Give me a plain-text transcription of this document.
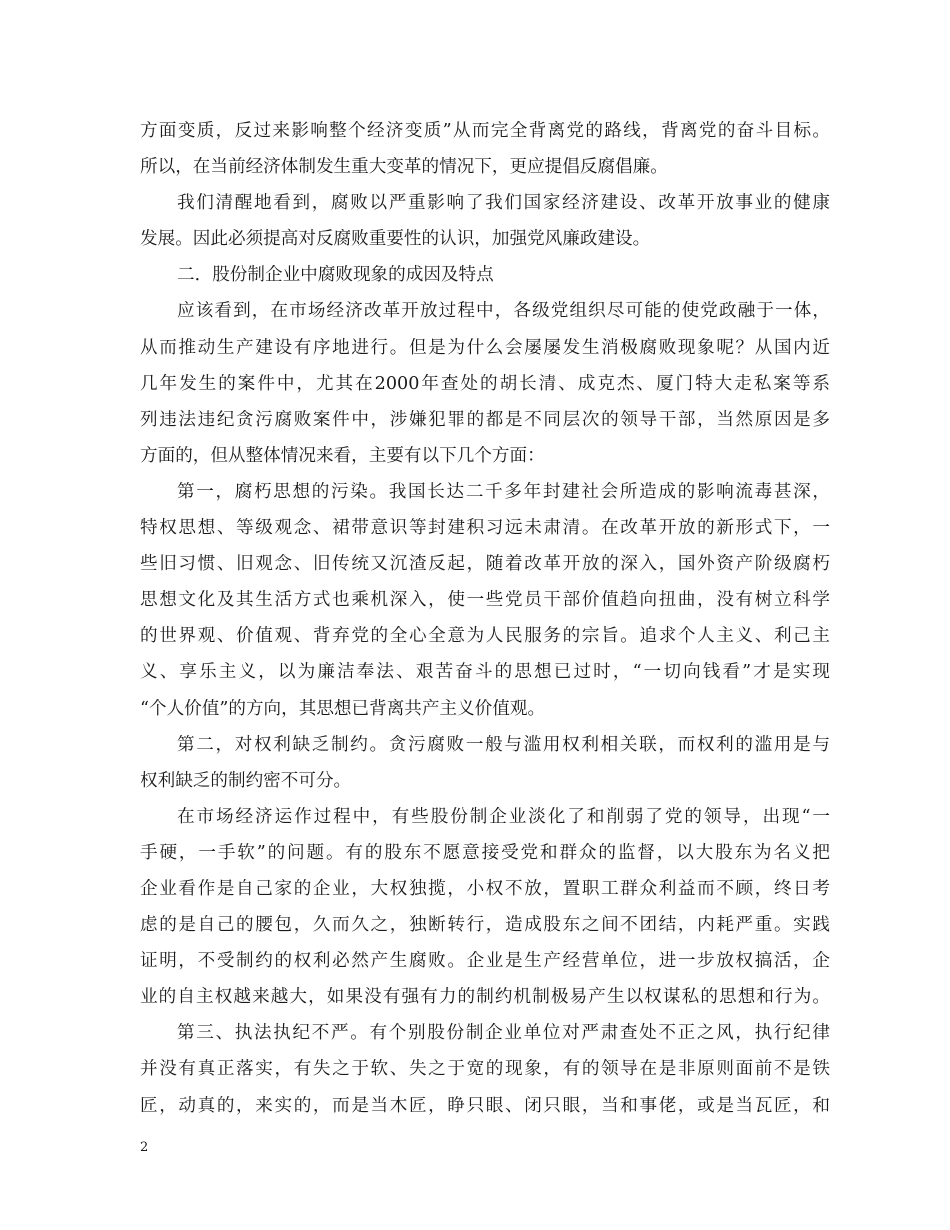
方面变质，反过来影响整个经济变质”从而完全背离党的路线，背离党的奋斗目标。
所以，在当前经济体制发生重大变革的情况下，更应提倡反腐倡廉。
我们清醒地看到，腐败以严重影响了我们国家经济建设、改革开放事业的健康
发展。因此必须提高对反腐败重要性的认识，加强党风廉政建设。
二．股份制企业中腐败现象的成因及特点
应该看到，在市场经济改革开放过程中，各级党组织尽可能的使党政融于一体，
从而推动生产建设有序地进行。但是为什么会屡屡发生消极腐败现象呢？从国内近
几年发生的案件中，尤其在2000年查处的胡长清、成克杰、厦门特大走私案等系
列违法违纪贪污腐败案件中，涉嫌犯罪的都是不同层次的领导干部，当然原因是多
方面的，但从整体情况来看，主要有以下几个方面：
第一，腐朽思想的污染。我国长达二千多年封建社会所造成的影响流毒甚深，
特权思想、等级观念、裙带意识等封建积习远未肃清。在改革开放的新形式下，一
些旧习惯、旧观念、旧传统又沉渣反起，随着改革开放的深入，国外资产阶级腐朽
思想文化及其生活方式也乘机深入，使一些党员干部价值趋向扭曲，没有树立科学
的世界观、价值观、背弃党的全心全意为人民服务的宗旨。追求个人主义、利己主
义、享乐主义，以为廉洁奉法、艰苦奋斗的思想已过时，“一切向钱看”才是实现
“个人价值”的方向，其思想已背离共产主义价值观。
第二，对权利缺乏制约。贪污腐败一般与滥用权利相关联，而权利的滥用是与
权利缺乏的制约密不可分。
在市场经济运作过程中，有些股份制企业淡化了和削弱了党的领导，出现“一
手硬，一手软”的问题。有的股东不愿意接受党和群众的监督，以大股东为名义把
企业看作是自己家的企业，大权独揽，小权不放，置职工群众利益而不顾，终日考
虑的是自己的腰包，久而久之，独断转行，造成股东之间不团结，内耗严重。实践
证明，不受制约的权利必然产生腐败。企业是生产经营单位，进一步放权搞活，企
业的自主权越来越大，如果没有强有力的制约机制极易产生以权谋私的思想和行为。
第三、执法执纪不严。有个别股份制企业单位对严肃查处不正之风，执行纪律
并没有真正落实，有失之于软、失之于宽的现象，有的领导在是非原则面前不是铁
匠，动真的，来实的，而是当木匠，睁只眼、闭只眼，当和事佬，或是当瓦匠，和
2
